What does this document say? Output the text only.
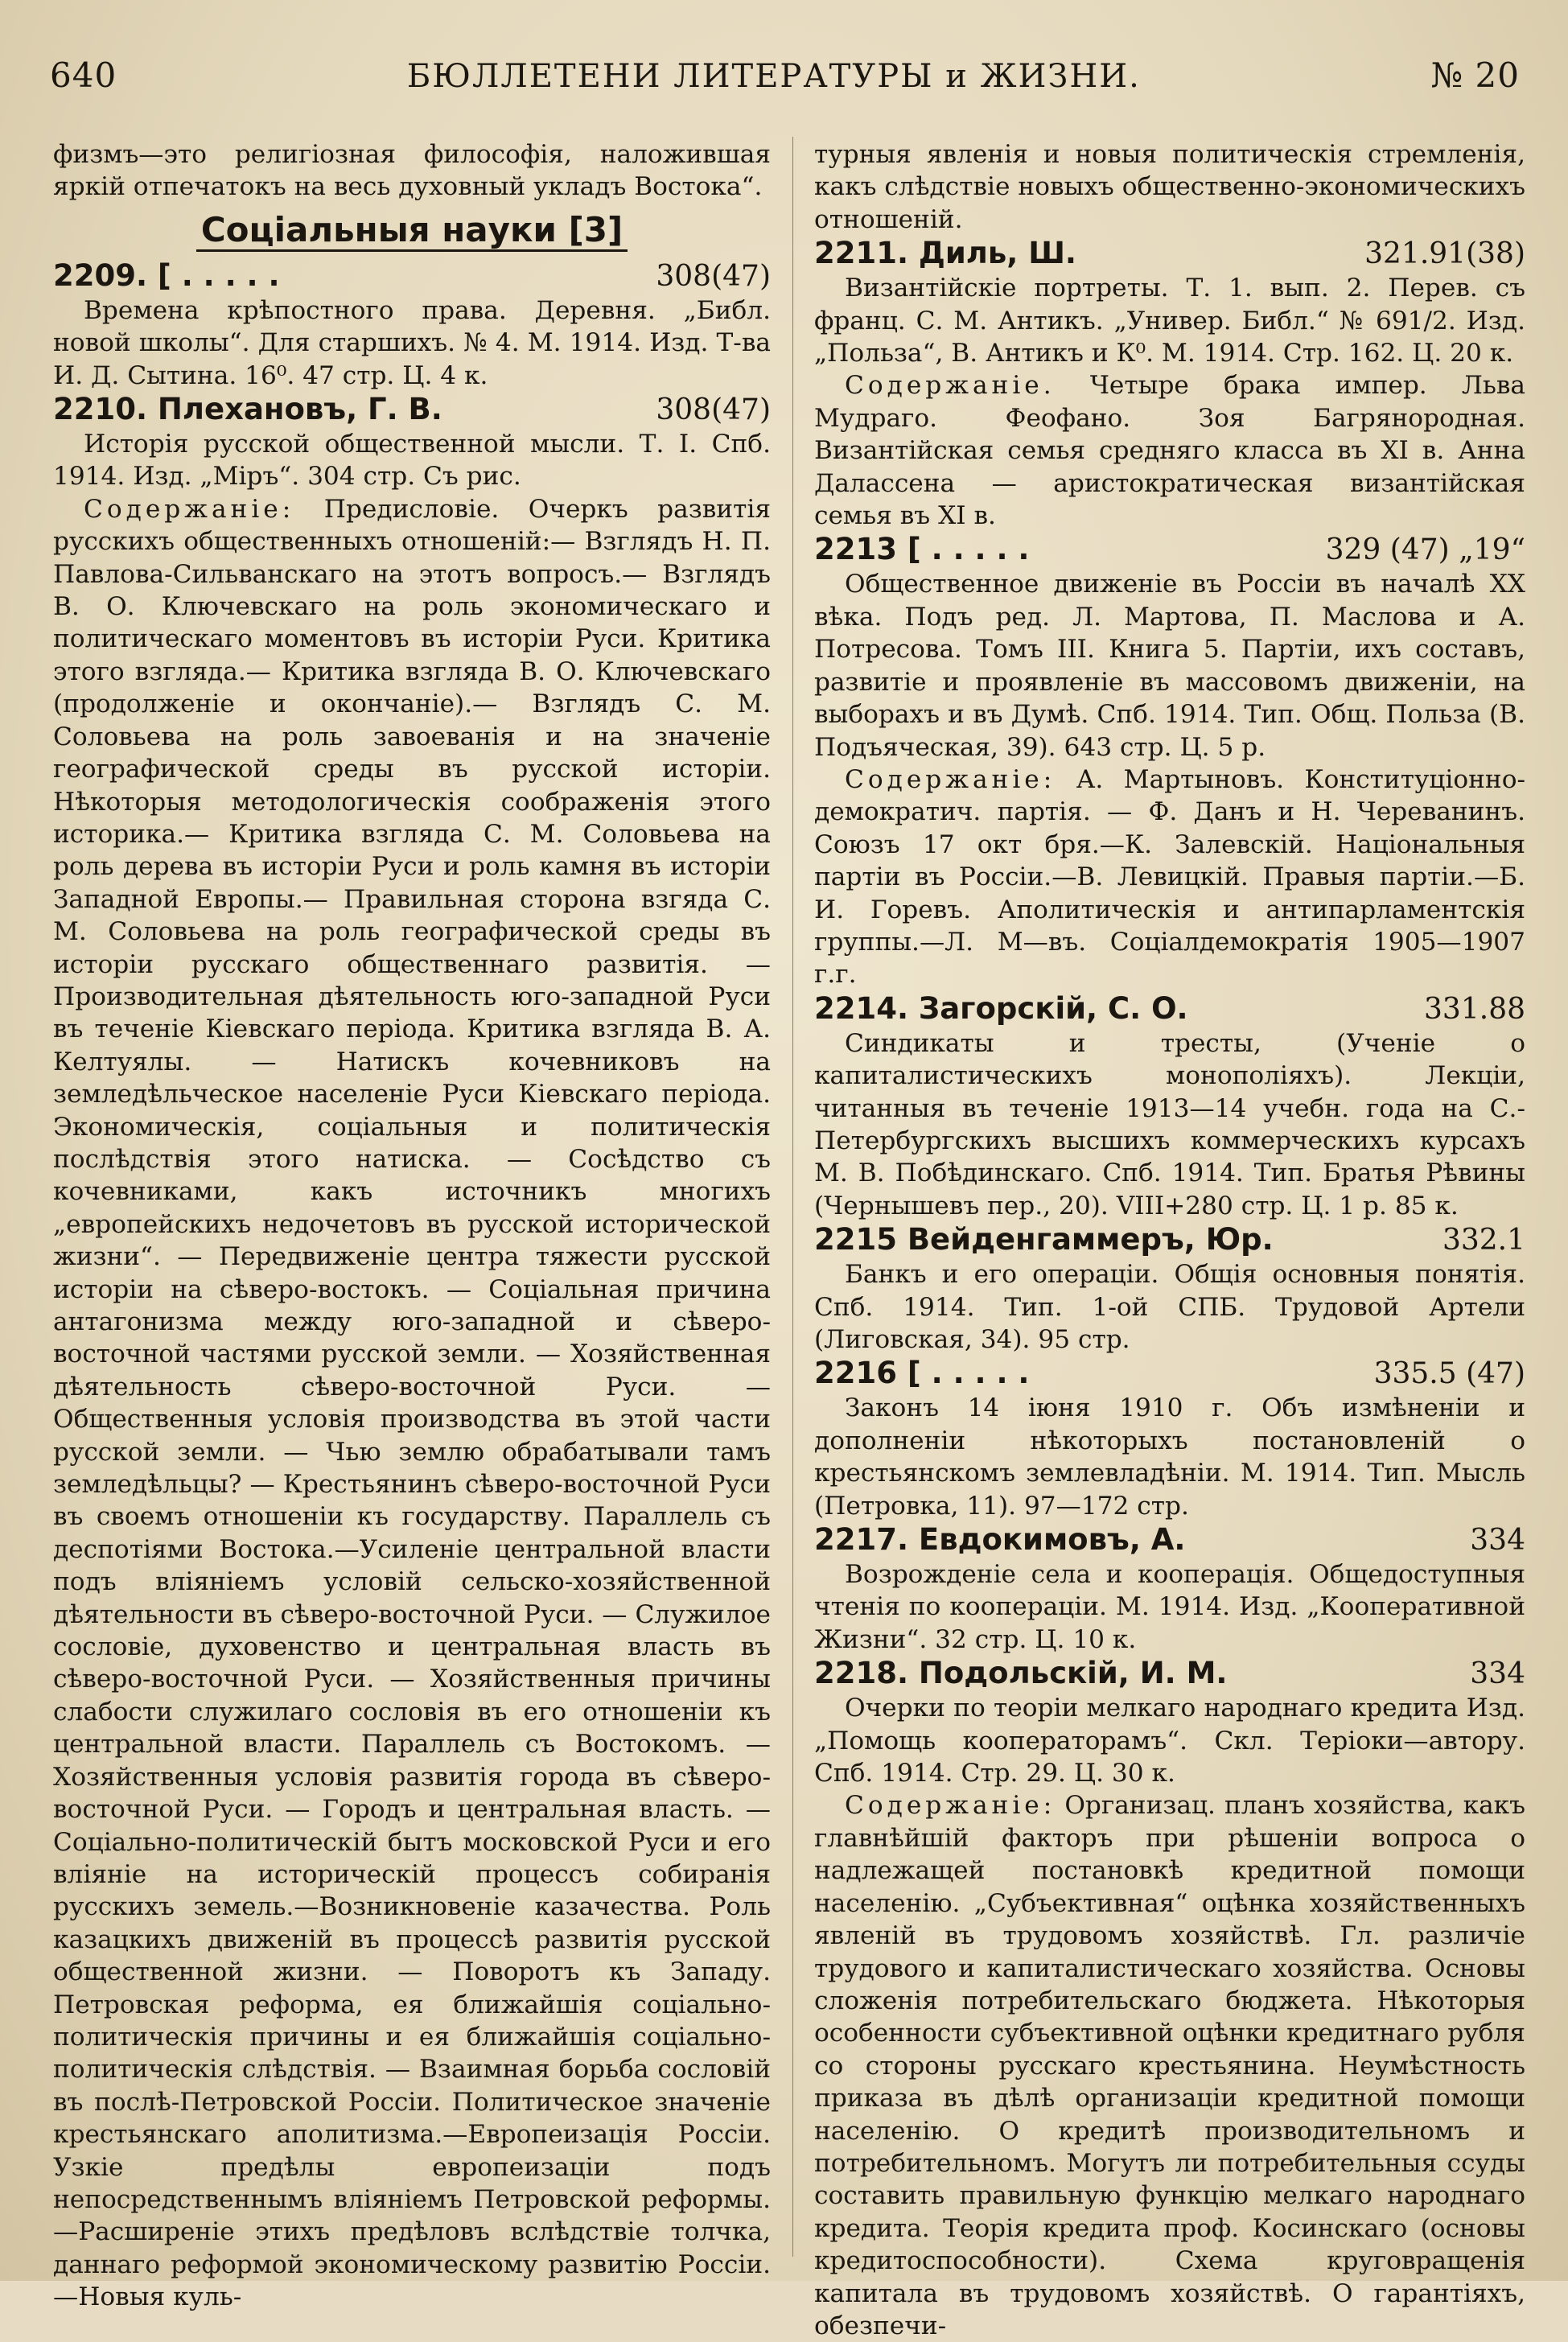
640	БЮЛЛЕТЕНИ ЛИТЕРАТУРЫ и ЖИЗНИ.	№ 20

физмъ—это религіозная философія, наложившая яркій отпечатокъ на весь духовный укладъ Востока“.

Соціальныя науки [3]
2209. [ . . . . .	308(47)

Времена крѣпостного права. Деревня. „Библ. новой школы“. Для старшихъ. № 4. М. 1914. Изд. Т-ва И. Д. Сытина. 16⁰. 47 стр. Ц. 4 к.

2210. Плехановъ, Г. В.	308(47)

Исторія русской общественной мысли. Т. I. Спб. 1914. Изд. „Міръ“. 304 стр. Съ рис.

Содержаніе: Предисловіе. Очеркъ развитія русскихъ общественныхъ отношеній:— Взглядъ Н. П. Павлова-Сильванскаго на этотъ вопросъ.— Взглядъ В. О. Ключевскаго на роль экономическаго и политическаго моментовъ въ исторіи Руси. Критика этого взгляда.— Критика взгляда В. О. Ключевскаго (продолженіе и окончаніе).— Взглядъ С. М. Соловьева на роль завоеванія и на значеніе географической среды въ русской исторіи. Нѣкоторыя методологическія соображенія этого историка.— Критика взгляда С. М. Соловьева на роль дерева въ исторіи Руси и роль камня въ исторіи Западной Европы.— Правильная сторона взгяда С. М. Соловьева на роль географической среды въ исторіи русскаго общественнаго развитія. — Производительная дѣятельность юго-западной Руси въ теченіе Кіевскаго періода. Критика взгляда В. А. Келтуялы. — Натискъ кочевниковъ на земледѣльческое населеніе Руси Кіевскаго періода. Экономическія, соціальныя и политическія послѣдствія этого натиска. — Сосѣдство съ кочевниками, какъ источникъ многихъ „европейскихъ недочетовъ въ русской исторической жизни“. — Передвиженіе центра тяжести русской исторіи на сѣверо-востокъ. — Соціальная причина антагонизма между юго-западной и сѣверо-восточной частями русской земли. — Хозяйственная дѣятельность сѣверо-восточной Руси. — Общественныя условія производства въ этой части русской земли. — Чью землю обрабатывали тамъ земледѣльцы? — Крестьянинъ сѣверо-восточной Руси въ своемъ отношеніи къ государству. Параллель съ деспотіями Востока.—Усиленіе центральной власти подъ вліяніемъ условій сельско-хозяйственной дѣятельности въ сѣверо-восточной Руси. — Служилое сословіе, духовенство и центральная власть въ сѣверо-восточной Руси. — Хозяйственныя причины слабости служилаго сословія въ его отношеніи къ центральной власти. Параллель съ Востокомъ. — Хозяйственныя условія развитія города въ сѣверо-восточной Руси. — Городъ и центральная власть. — Соціально-политическій бытъ московской Руси и его вліяніе на историческій процессъ собиранія русскихъ земель.—Возникновеніе казачества. Роль казацкихъ движеній въ процессѣ развитія русской общественной жизни. — Поворотъ къ Западу. Петровская реформа, ея ближайшія соціально-политическія причины и ея ближайшія соціально-политическія слѣдствія. — Взаимная борьба сословій въ послѣ-Петровской Россіи. Политическое значеніе крестьянскаго аполитизма.—Европеизація Россіи. Узкіе предѣлы европеизаціи подъ непосредственнымъ вліяніемъ Петровской реформы.—Расширеніе этихъ предѣловъ вслѣдствіе толчка, даннаго реформой экономическому развитію Россіи.—Новыя куль-

турныя явленія и новыя политическія стремленія, какъ слѣдствіе новыхъ общественно-экономическихъ отношеній.

2211. Диль, Ш.	321.91(38)

Византійскіе портреты. Т. 1. вып. 2. Перев. съ франц. С. М. Антикъ. „Универ. Библ.“ № 691/2. Изд. „Польза“, В. Антикъ и К⁰. М. 1914. Стр. 162. Ц. 20 к.

Содержаніе. Четыре брака импер. Льва Мудраго. Феофано. Зоя Багрянородная. Византійская семья средняго класса въ XI в. Анна Далассена — аристократическая византійская семья въ XI в.

2213 [ . . . . .	329 (47) „19“

Общественное движеніе въ Россіи въ началѣ XX вѣка. Подъ ред. Л. Мартова, П. Маслова и А. Потресова. Томъ III. Книга 5. Партіи, ихъ составъ, развитіе и проявленіе въ массовомъ движеніи, на выборахъ и въ Думѣ. Спб. 1914. Тип. Общ. Польза (В. Подъяческая, 39). 643 стр. Ц. 5 р.

Содержаніе: А. Мартыновъ. Конституціонно-демократич. партія. — Ф. Данъ и Н. Череванинъ. Союзъ 17 окт бря.—К. Залевскій. Національныя партіи въ Россіи.—В. Левицкій. Правыя партіи.—Б. И. Горевъ. Аполитическія и антипарламентскія группы.—Л. М—въ. Соціалдемократія 1905—1907 г.г.

2214. Загорскій, С. О.	331.88

Синдикаты и тресты, (Ученіе о капиталистическихъ монополіяхъ). Лекціи, читанныя въ теченіе 1913—14 учебн. года на С.-Петербургскихъ высшихъ коммерческихъ курсахъ М. В. Побѣдинскаго. Спб. 1914. Тип. Братья Рѣвины (Чернышевъ пер., 20). VIII+280 стр. Ц. 1 р. 85 к.

2215 Вейденгаммеръ, Юр.	332.1

Банкъ и его операціи. Общія основныя понятія. Спб. 1914. Тип. 1-ой СПБ. Трудовой Артели (Лиговская, 34). 95 стр.

2216 [ . . . . .	335.5 (47)

Законъ 14 іюня 1910 г. Объ измѣненіи и дополненіи нѣкоторыхъ постановленій о крестьянскомъ землевладѣніи. М. 1914. Тип. Мысль (Петровка, 11). 97—172 стр.

2217. Евдокимовъ, А.	334

Возрожденіе села и кооперація. Общедоступныя чтенія по коопераціи. М. 1914. Изд. „Кооперативной Жизни“. 32 стр. Ц. 10 к.

2218. Подольскій, И. М.	334

Очерки по теоріи мелкаго народнаго кредита Изд. „Помощь кооператорамъ“. Скл. Теріоки—автору. Спб. 1914. Стр. 29. Ц. 30 к.

Содержаніе: Организац. планъ хозяйства, какъ главнѣйшій факторъ при рѣшеніи вопроса о надлежащей постановкѣ кредитной помощи населенію. „Субъективная“ оцѣнка хозяйственныхъ явленій въ трудовомъ хозяйствѣ. Гл. различіе трудового и капиталистическаго хозяйства. Основы сложенія потребительскаго бюджета. Нѣкоторыя особенности субъективной оцѣнки кредитнаго рубля со стороны русскаго крестьянина. Неумѣстность приказа въ дѣлѣ организаціи кредитной помощи населенію. О кредитѣ производительномъ и потребительномъ. Могутъ ли потребительныя ссуды составить правильную функцію мелкаго народнаго кредита. Теорія кредита проф. Косинскаго (основы кредитоспособности). Схема круговращенія капитала въ трудовомъ хозяйствѣ. О гарантіяхъ, обезпечи-
